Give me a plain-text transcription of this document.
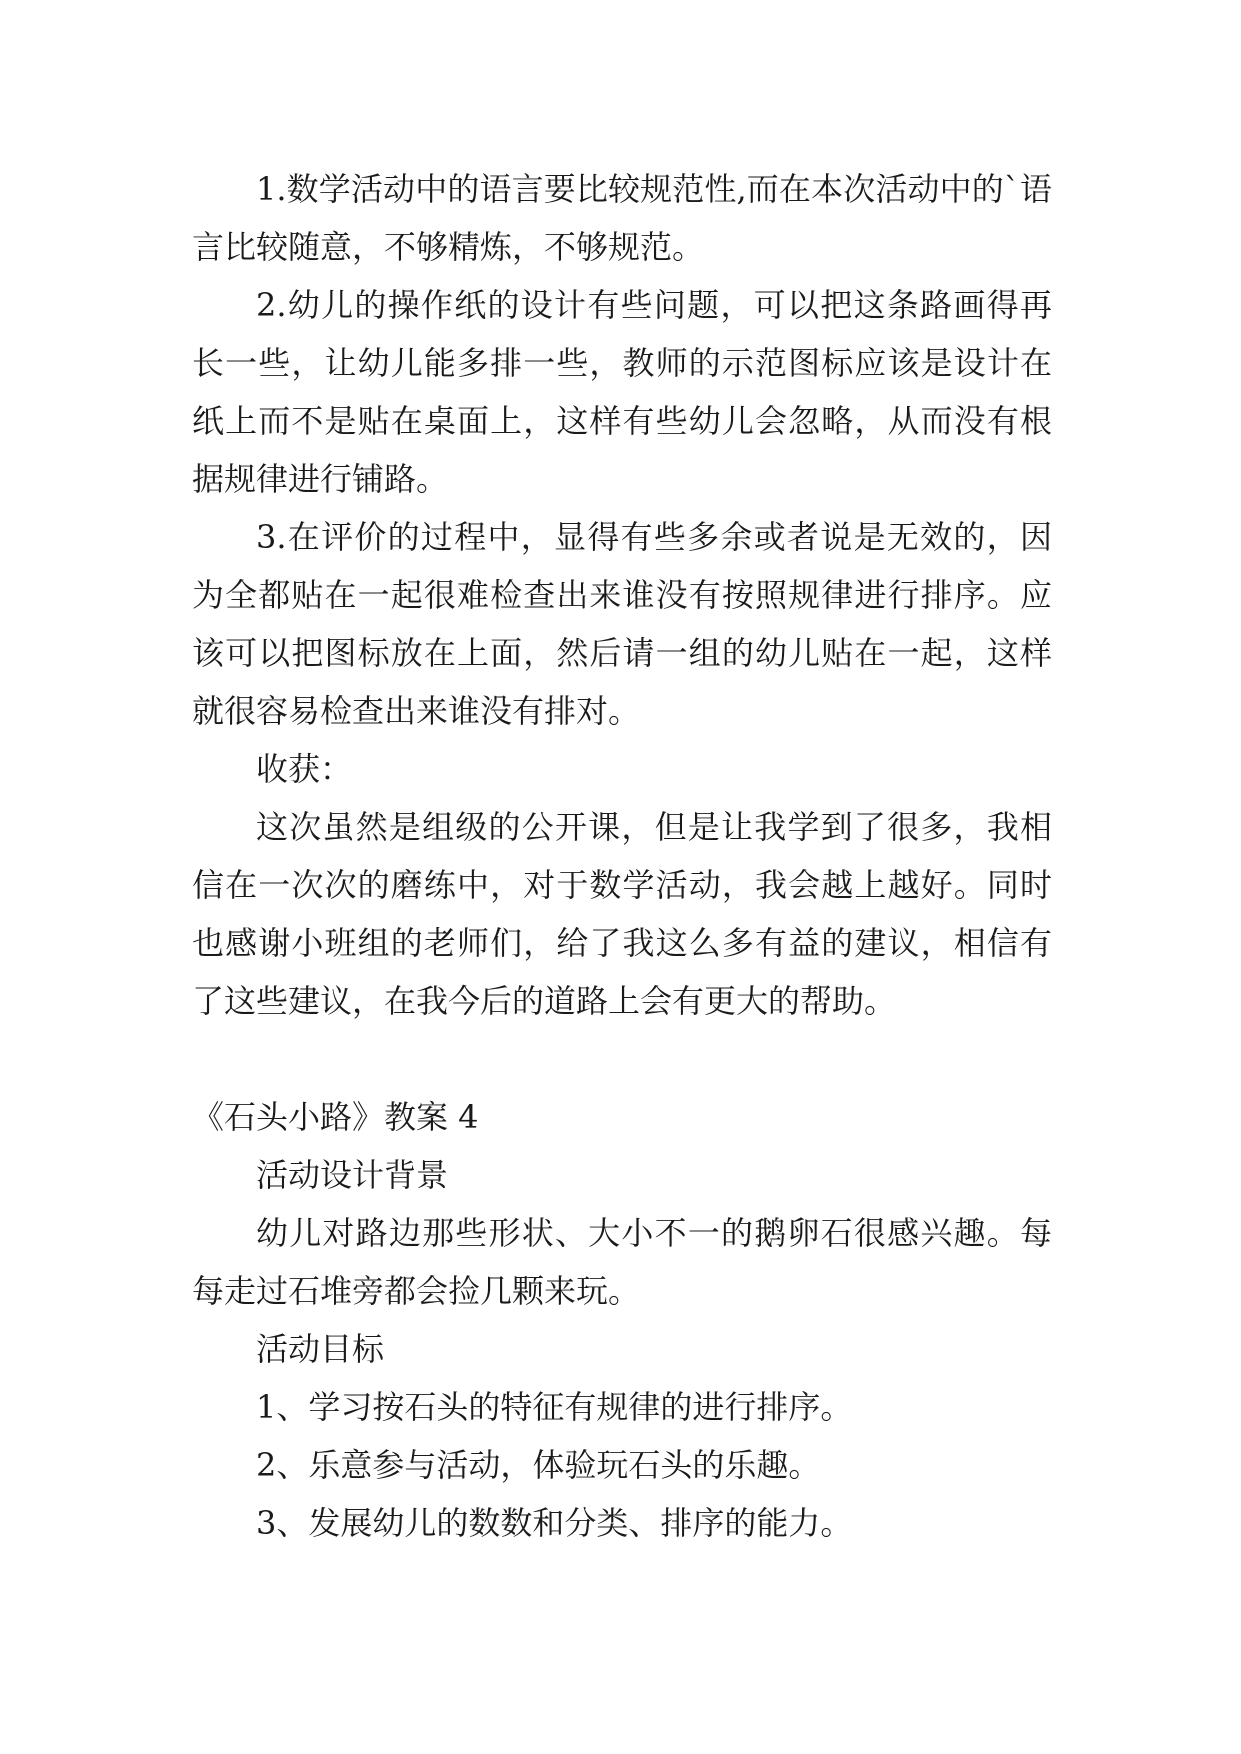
1.数学活动中的语言要比较规范性,而在本次活动中的`语言比较随意，不够精炼，不够规范。

2.幼儿的操作纸的设计有些问题，可以把这条路画得再长一些，让幼儿能多排一些，教师的示范图标应该是设计在纸上而不是贴在桌面上，这样有些幼儿会忽略，从而没有根据规律进行铺路。

3.在评价的过程中，显得有些多余或者说是无效的，因为全都贴在一起很难检查出来谁没有按照规律进行排序。应该可以把图标放在上面，然后请一组的幼儿贴在一起，这样就很容易检查出来谁没有排对。

收获：

这次虽然是组级的公开课，但是让我学到了很多，我相信在一次次的磨练中，对于数学活动，我会越上越好。同时也感谢小班组的老师们，给了我这么多有益的建议，相信有了这些建议，在我今后的道路上会有更大的帮助。

《石头小路》教案 4

活动设计背景

幼儿对路边那些形状、大小不一的鹅卵石很感兴趣。每每走过石堆旁都会捡几颗来玩。

活动目标

1、学习按石头的特征有规律的进行排序。

2、乐意参与活动，体验玩石头的乐趣。

3、发展幼儿的数数和分类、排序的能力。
